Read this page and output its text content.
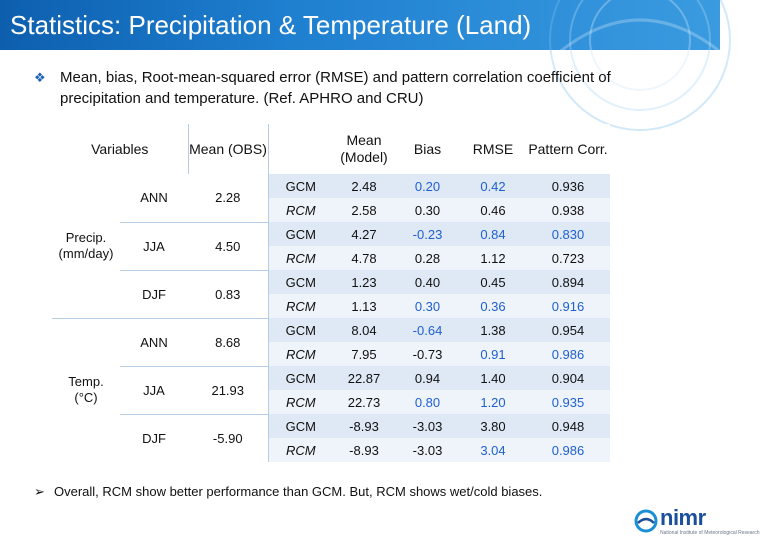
Statistics: Precipitation & Temperature (Land)
❖ Mean, bias, Root-mean-squared error (RMSE) and pattern correlation coefficient of precipitation and temperature. (Ref. APHRO and CRU)
Variables		Mean (OBS)		Mean (Model)	Bias	RMSE	Pattern Corr.
Precip. (mm/day)	ANN	2.28	GCM	2.48	0.20	0.42	0.936
			RCM	2.58	0.30	0.46	0.938
	JJA	4.50	GCM	4.27	-0.23	0.84	0.830
			RCM	4.78	0.28	1.12	0.723
	DJF	0.83	GCM	1.23	0.40	0.45	0.894
			RCM	1.13	0.30	0.36	0.916
Temp. (°C)	ANN	8.68	GCM	8.04	-0.64	1.38	0.954
			RCM	7.95	-0.73	0.91	0.986
	JJA	21.93	GCM	22.87	0.94	1.40	0.904
			RCM	22.73	0.80	1.20	0.935
	DJF	-5.90	GCM	-8.93	-3.03	3.80	0.948
			RCM	-8.93	-3.03	3.04	0.986
➢ Overall, RCM show better performance than GCM. But, RCM shows wet/cold biases.
nimr
National Institute of Meteorological Research
